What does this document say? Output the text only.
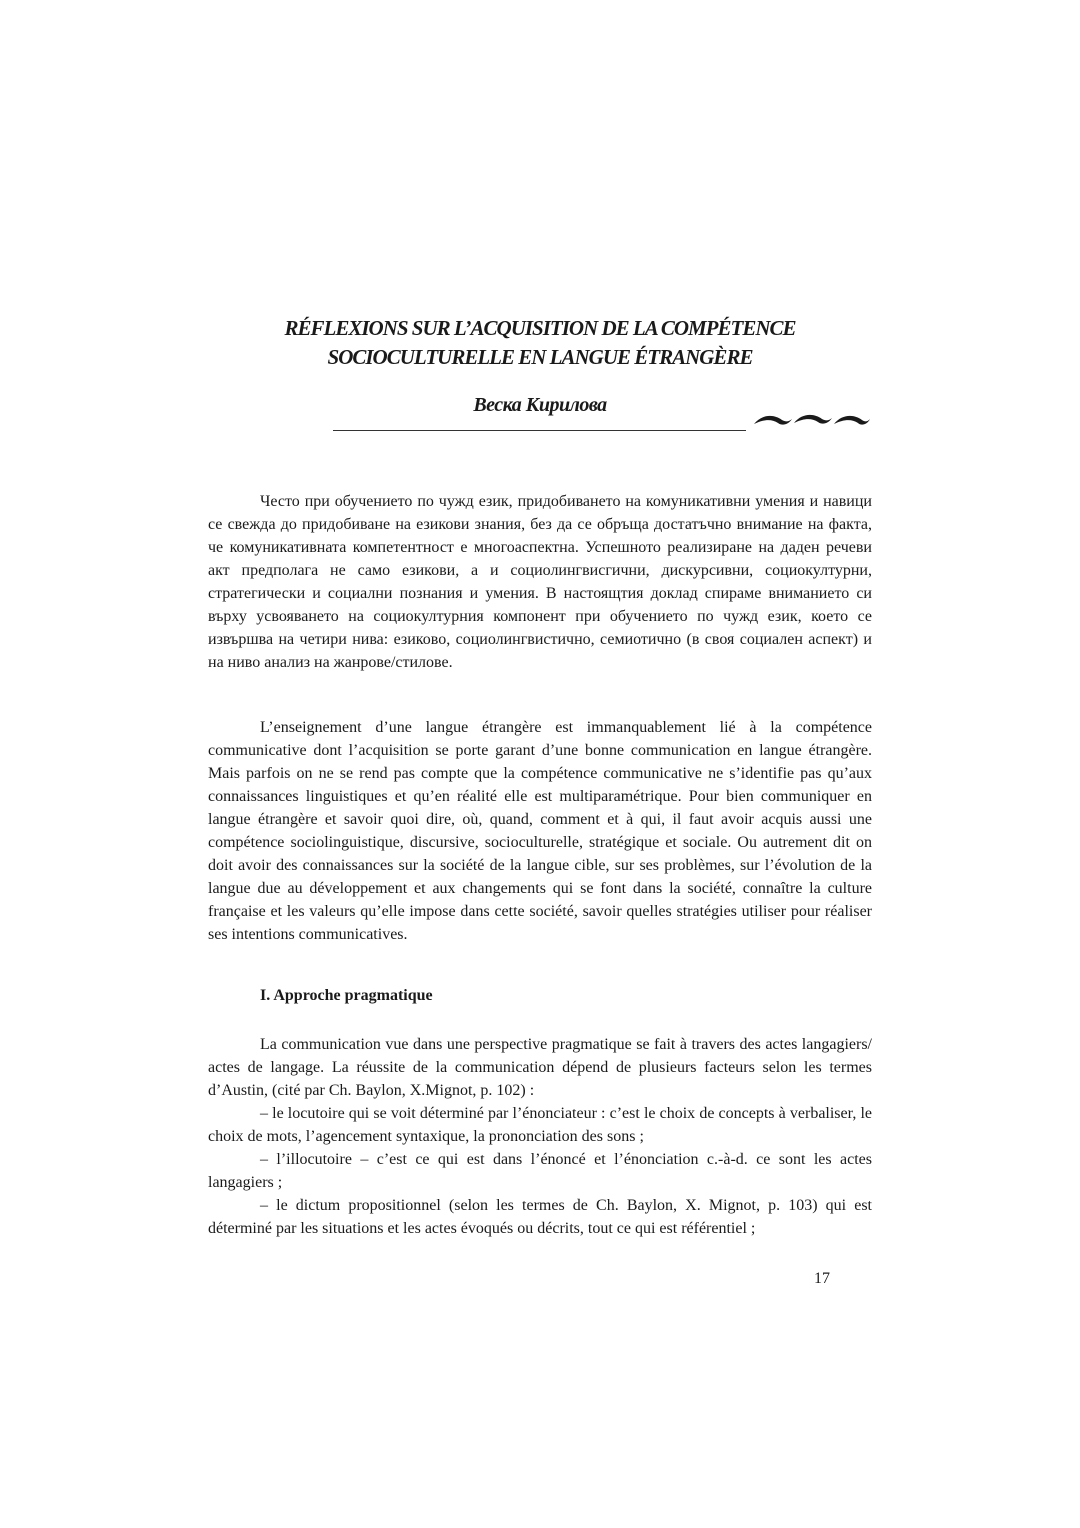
RÉFLEXIONS SUR L’ACQUISITION DE LA COMPÉTENCE
SOCIOCULTURELLE EN LANGUE ÉTRANGÈRE
Веска Кирилова

Често при обучението по чужд език, придобиването на комуникативни умения и навици се свежда до придобиване на езикови знания, без да се обръща достатъчно внимание на факта, че комуникативната компетентност е многоаспектна. Успешното реализиране на даден речеви акт предполага не само езикови, а и социолингвисгични, дискурсивни, социокултурни, стратегически и социални познания и умения. В настоящтия доклад спираме вниманието си върху усвояването на социокултурния компонент при обучението по чужд език, което се извършва на четири нива: езиково, социолингвистично, семиотично (в своя социален аспект) и на ниво анализ на жанрове/стилове.

L’enseignement d’une langue étrangère est immanquablement lié à la compétence communicative dont l’acquisition se porte garant d’une bonne communication en langue étrangère. Mais parfois on ne se rend pas compte que la compétence communicative ne s’identifie pas qu’aux connaissances linguistiques et qu’en réalité elle est multiparamétrique. Pour bien communiquer en langue étrangère et savoir quoi dire, où, quand, comment et à qui, il faut avoir acquis aussi une compétence sociolinguistique, discursive, socioculturelle, stratégique et sociale. Ou autrement dit on doit avoir des connaissances sur la société de la langue cible, sur ses problèmes, sur l’évolution de la langue due au développement et aux changements qui se font dans la société, connaître la culture française et les valeurs qu’elle impose dans cette société, savoir quelles stratégies utiliser pour réaliser ses intentions communicatives.

I. Approche pragmatique

La communication vue dans une perspective pragmatique se fait à travers des actes langagiers/ actes de langage. La réussite de la communication dépend de plusieurs facteurs selon les termes d’Austin, (cité par Ch. Baylon, X.Mignot, p. 102) :

– le locutoire qui se voit déterminé par l’énonciateur : c’est le choix de concepts à verbaliser, le choix de mots, l’agencement syntaxique, la prononciation des sons ;

– l’illocutoire – c’est ce qui est dans l’énoncé et l’énonciation c.-à-d. ce sont les actes langagiers ;

– le dictum propositionnel (selon les termes de Ch. Baylon, X. Mignot, p. 103) qui est déterminé par les situations et les actes évoqués ou décrits, tout ce qui est référentiel ;

17
